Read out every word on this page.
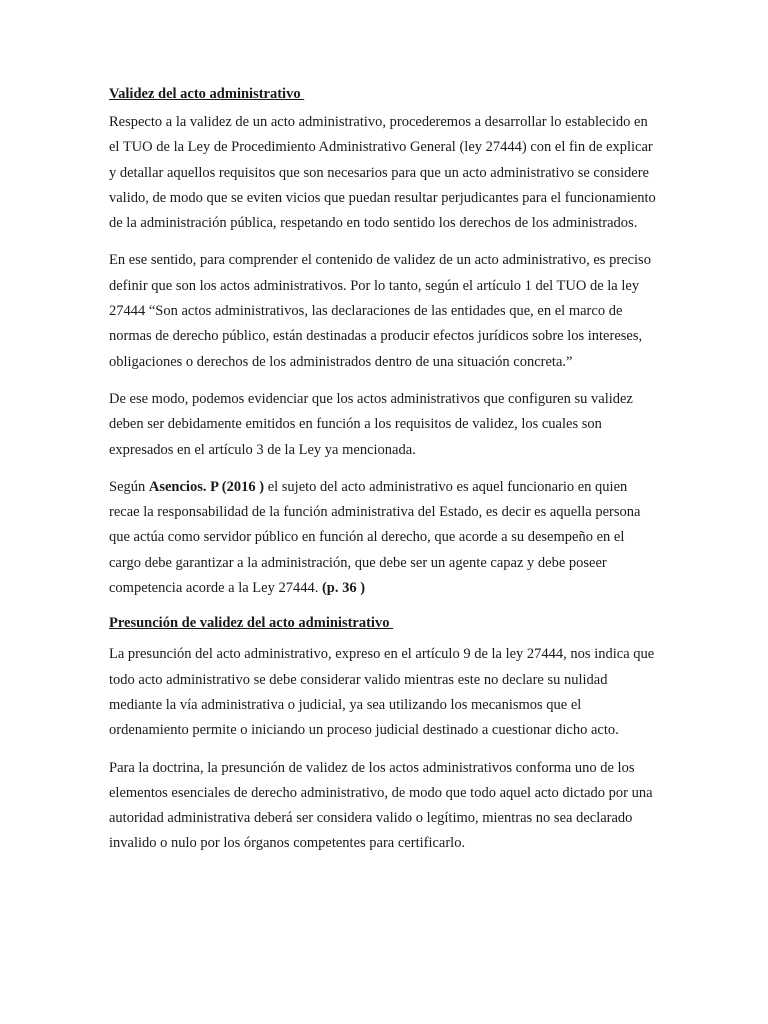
Validez del acto administrativo

Respecto a la validez de un acto administrativo, procederemos a desarrollar lo establecido en el TUO de la Ley de Procedimiento Administrativo General (ley 27444) con el fin de explicar y detallar aquellos requisitos que son necesarios para que un acto administrativo se considere valido, de modo que se eviten vicios que puedan resultar perjudicantes para el funcionamiento de la administración pública, respetando en todo sentido los derechos de los administrados.

En ese sentido, para comprender el contenido de validez de un acto administrativo, es preciso definir que son los actos administrativos. Por lo tanto, según el artículo 1 del TUO de la ley 27444 “Son actos administrativos, las declaraciones de las entidades que, en el marco de normas de derecho público, están destinadas a producir efectos jurídicos sobre los intereses, obligaciones o derechos de los administrados dentro de una situación concreta.”

De ese modo, podemos evidenciar que los actos administrativos que configuren su validez deben ser debidamente emitidos en función a los requisitos de validez, los cuales son expresados en el artículo 3 de la Ley ya mencionada.

Según Asencios. P (2016 ) el sujeto del acto administrativo es aquel funcionario en quien recae la responsabilidad de la función administrativa del Estado, es decir es aquella persona que actúa como servidor público en función al derecho, que acorde a su desempeño en el cargo debe garantizar a la administración, que debe ser un agente capaz y debe poseer competencia acorde a la Ley 27444. (p. 36 )

Presunción de validez del acto administrativo

La presunción del acto administrativo, expreso en el artículo 9 de la ley 27444, nos indica que todo acto administrativo se debe considerar valido mientras este no declare su nulidad mediante la vía administrativa o judicial, ya sea utilizando los mecanismos que el ordenamiento permite o iniciando un proceso judicial destinado a cuestionar dicho acto.

Para la doctrina, la presunción de validez de los actos administrativos conforma uno de los elementos esenciales de derecho administrativo, de modo que todo aquel acto dictado por una autoridad administrativa deberá ser considera valido o legítimo, mientras no sea declarado invalido o nulo por los órganos competentes para certificarlo.
